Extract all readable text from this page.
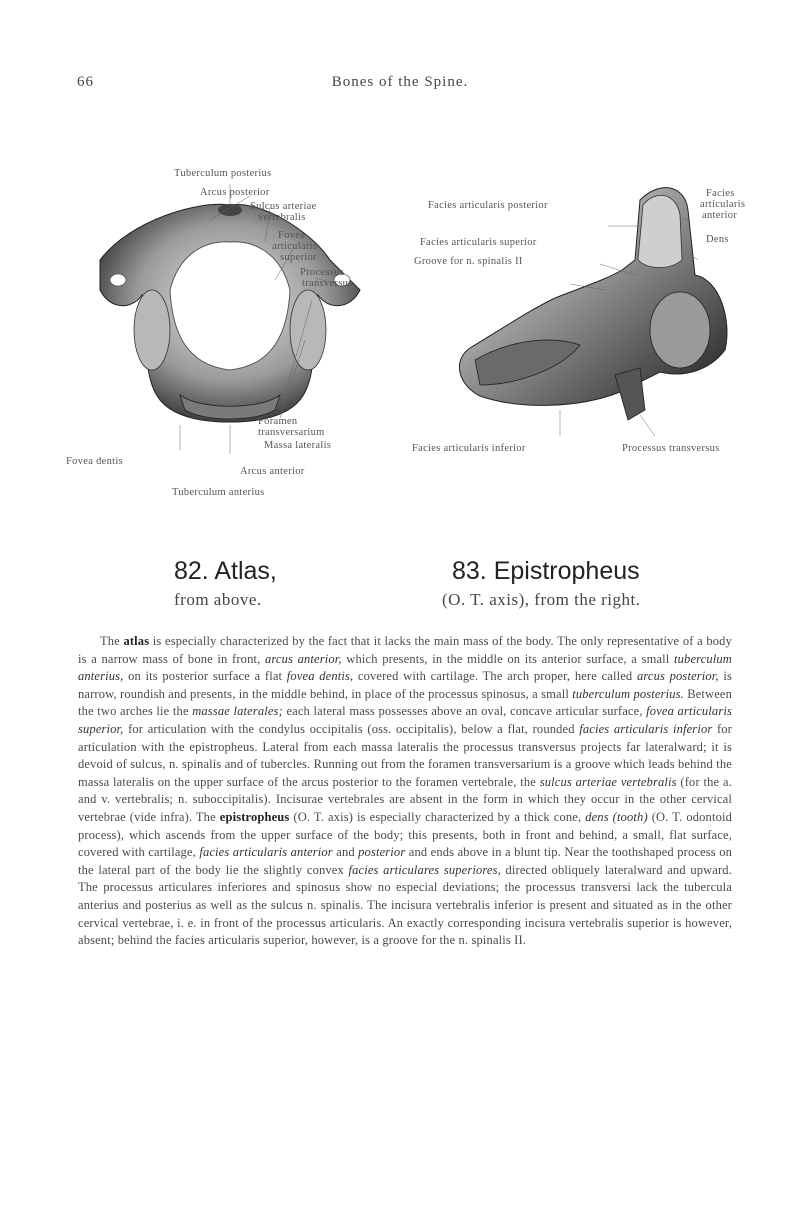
66	Bones of the Spine.
Tuberculum posterius
Arcus posterior
Sulcus arteriae
vertebralis
Fovea
articularis
superior
Processus
transversus
Foramen
transversarium
Massa lateralis
Fovea dentis
Arcus anterior
Tuberculum anterius
Facies articularis posterior
Facies articularis superior
Groove for n. spinalis II
Facies
articularis
anterior
Dens
Facies articularis inferior	Processus transversus
82. Atlas,
from above.
83. Epistropheus
(O. T. axis), from the right.

The atlas is especially characterized by the fact that it lacks the main mass of the body. The only representative of a body is a narrow mass of bone in front, arcus anterior, which presents, in the middle on its anterior surface, a small tuberculum anterius, on its posterior surface a flat fovea dentis, covered with cartilage. The arch proper, here called arcus posterior, is narrow, roundish and presents, in the middle behind, in place of the processus spinosus, a small tuberculum posterius. Between the two arches lie the massae laterales; each lateral mass possesses above an oval, concave articular surface, fovea articularis superior, for articulation with the condylus occipitalis (oss. occipitalis), below a flat, rounded facies articularis inferior for articulation with the epistropheus. Lateral from each massa lateralis the processus transversus projects far lateralward; it is devoid of sulcus, n. spinalis and of tubercles. Running out from the foramen transversarium is a groove which leads behind the massa lateralis on the upper surface of the arcus posterior to the foramen vertebrale, the sulcus arteriae vertebralis (for the a. and v. vertebralis; n. suboccipitalis). Incisurae vertebrales are absent in the form in which they occur in the other cervical vertebrae (vide infra). The epistropheus (O. T. axis) is especially characterized by a thick cone, dens (tooth) (O. T. odontoid process), which ascends from the upper surface of the body; this presents, both in front and behind, a small, flat surface, covered with cartilage, facies articularis anterior and posterior and ends above in a blunt tip. Near the toothshaped process on the lateral part of the body lie the slightly convex facies articulares superiores, directed obliquely lateralward and upward. The processus articulares inferiores and spinosus show no especial deviations; the processus transversi lack the tubercula anterius and posterius as well as the sulcus n. spinalis. The incisura vertebralis inferior is present and situated as in the other cervical vertebrae, i. e. in front of the processus articularis. An exactly corresponding incisura vertebralis superior is however, absent; behind the facies articularis superior, however, is a groove for the n. spinalis II.
